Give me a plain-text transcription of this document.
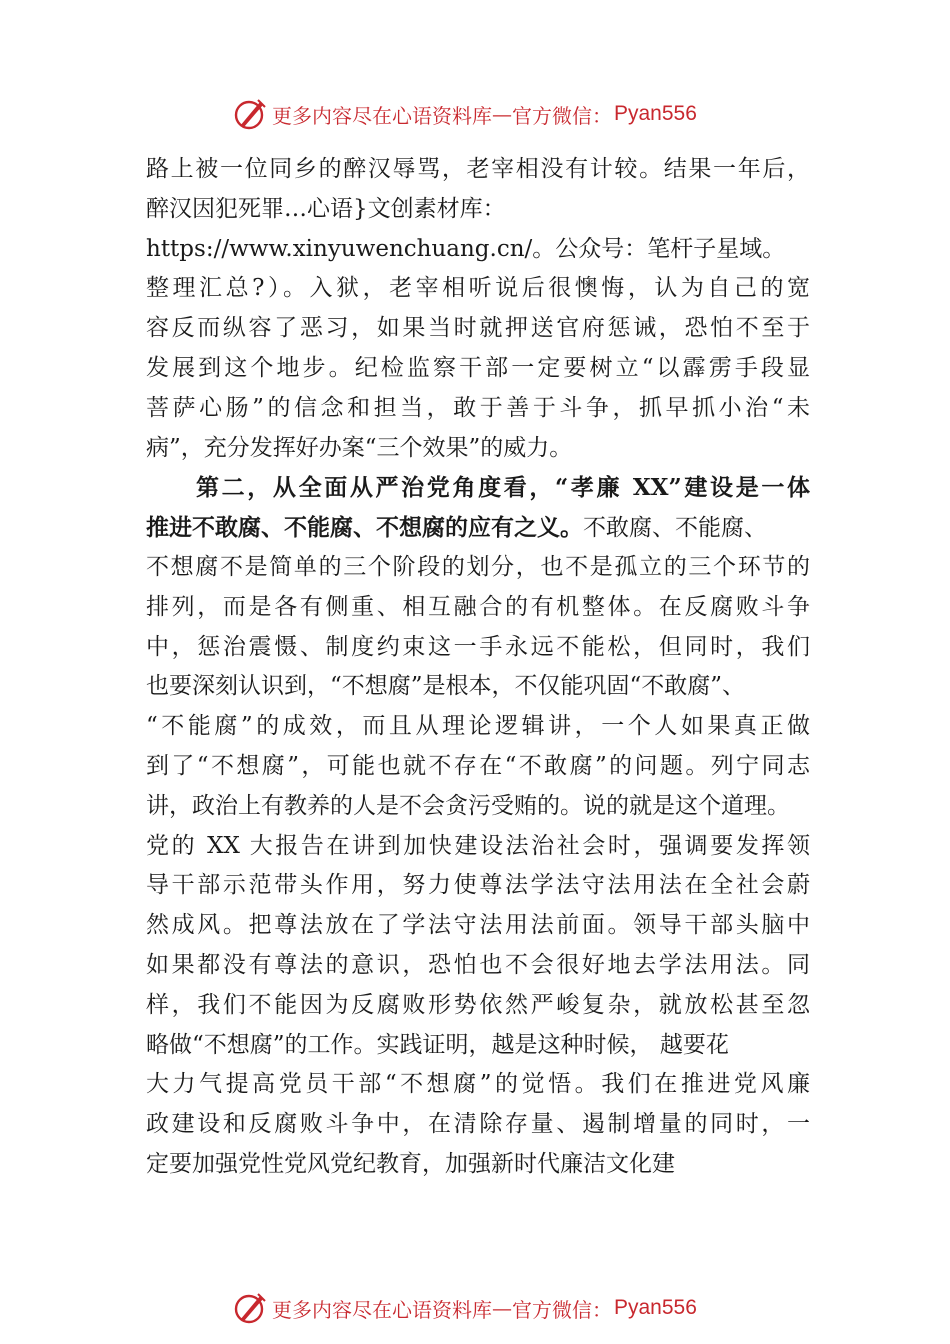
更多内容尽在心语资料库 — 官方微信： Pyan556
路上被一位同乡的醉汉辱骂，老宰相没有计较。结果一年后，
醉汉因犯死罪…心语}文创素材库：
https://www.xinyuwenchuang.cn/。公众号：笔杆子星域。
整理汇总?）。入狱，老宰相听说后很懊悔，认为自己的宽
容反而纵容了恶习，如果当时就押送官府惩诫，恐怕不至于
发展到这个地步。纪检监察干部一定要树立“以霹雳手段显
菩萨心肠”的信念和担当，敢于善于斗争，抓早抓小治“未
病”，充分发挥好办案“三个效果”的威力。
第二，从全面从严治党角度看，“孝廉 XX”建设是一体
推进不敢腐、不能腐、不想腐的应有之义。不敢腐、不能腐、
不想腐不是简单的三个阶段的划分，也不是孤立的三个环节的
排列，而是各有侧重、相互融合的有机整体。在反腐败斗争
中，惩治震慑、制度约束这一手永远不能松，但同时，我们
也要深刻认识到，“不想腐”是根本，不仅能巩固“不敢腐”、
“不能腐”的成效，而且从理论逻辑讲，一个人如果真正做
到了“不想腐”，可能也就不存在“不敢腐”的问题。列宁同志
讲，政治上有教养的人是不会贪污受贿的。说的就是这个道理。
党的 XX 大报告在讲到加快建设法治社会时，强调要发挥领
导干部示范带头作用，努力使尊法学法守法用法在全社会蔚
然成风。把尊法放在了学法守法用法前面。领导干部头脑中
如果都没有尊法的意识，恐怕也不会很好地去学法用法。同
样，我们不能因为反腐败形势依然严峻复杂，就放松甚至忽
略做“不想腐”的工作。实践证明，越是这种时候， 越要花
大力气提高党员干部“不想腐”的觉悟。我们在推进党风廉
政建设和反腐败斗争中，在清除存量、遏制增量的同时，一
定要加强党性党风党纪教育，加强新时代廉洁文化建
更多内容尽在心语资料库 — 官方微信： Pyan556
